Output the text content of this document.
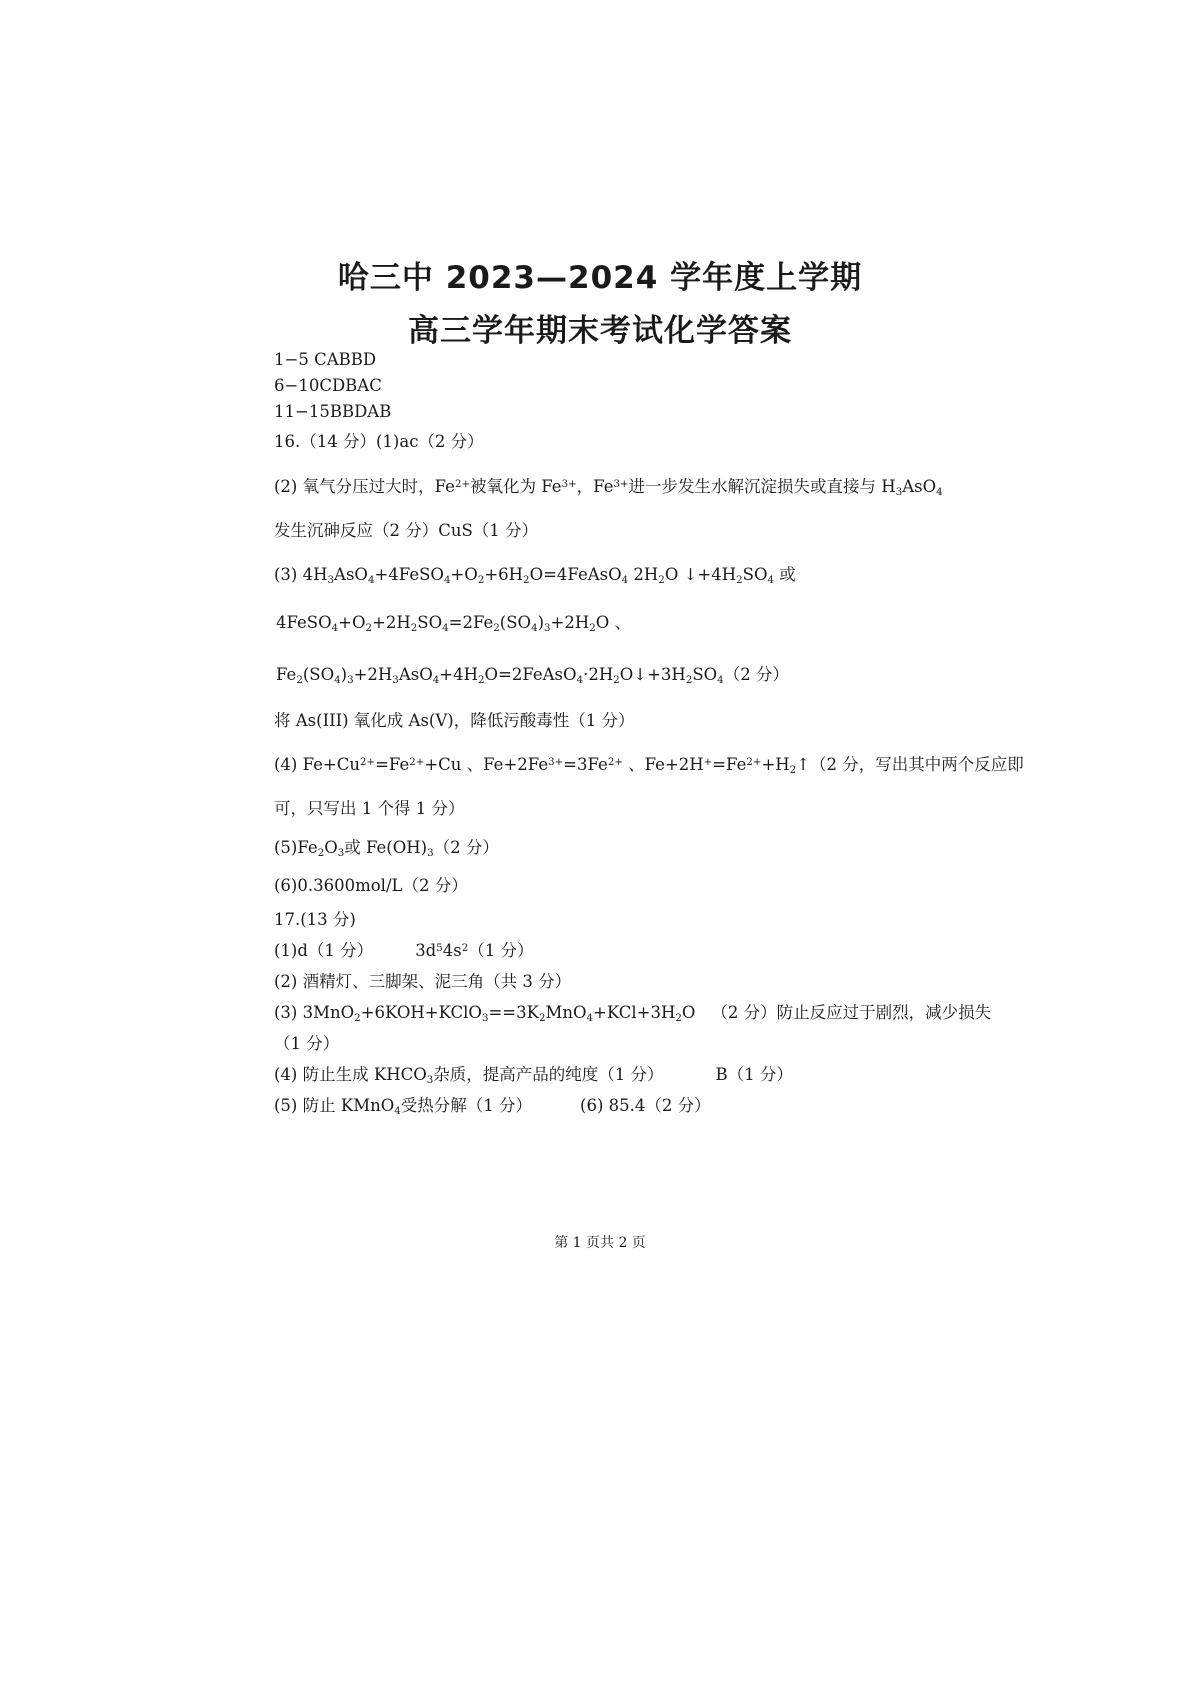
哈三中 2023—2024 学年度上学期
高三学年期末考试化学答案
1−5 CABBD
6−10CDBAC
11−15BBDAB
16.（14 分）(1)ac（2 分）
(2) 氧气分压过大时，$Fe^{2+}$被氧化为 $Fe^{3+}$，$Fe^{3+}$进一步发生水解沉淀损失或直接与 $H_3AsO_4$
发生沉砷反应（2 分）CuS（1 分）
(3) $4H_3AsO_4+4FeSO_4+O_2+6H_2O=4FeAsO_4$ $2H_2O$ $↓+4H_2SO_4$ 或
$4FeSO_4+O_2+2H_2SO_4=2Fe_2(SO_4)_3+2H_2O$ 、
$Fe_2(SO_4)_3+2H_3AsO_4+4H_2O=2FeAsO_4\cdot 2H_2O↓+3H_2SO_4(2$ 分）
将 As(III) 氧化成 As(V)，降低污酸毒性（1 分）
(4) $Fe+Cu^{2+}=Fe^{2+}+Cu$ 、$Fe+2Fe^{3+}=3Fe^{2+}$ 、$Fe+2H^+=Fe^{2+}+H_2↑(2$ 分，写出其中两个反应即
可，只写出 1 个得 1 分）
$(5)Fe_2O_3$或 $Fe(OH)_3(2$ 分）
(6)0.3600mol/L（2 分）
17.(13 分)
(1)d（1 分）	$3d^54s^2(1$ 分）
(2) 酒精灯、三脚架、泥三角（共 3 分）
(3) $3MnO_2+6KOH+KClO_3==3K_2MnO_4+KCl+3H_2O$ （2 分）防止反应过于剧烈，减少损失
（1 分）
(4) 防止生成 $KHCO_3$杂质，提高产品的纯度（1 分）	B（1 分）
(5) 防止 KMnO$_4$受热分解（1 分）	(6) 85.4（2 分）
第 1 页共 2 页
